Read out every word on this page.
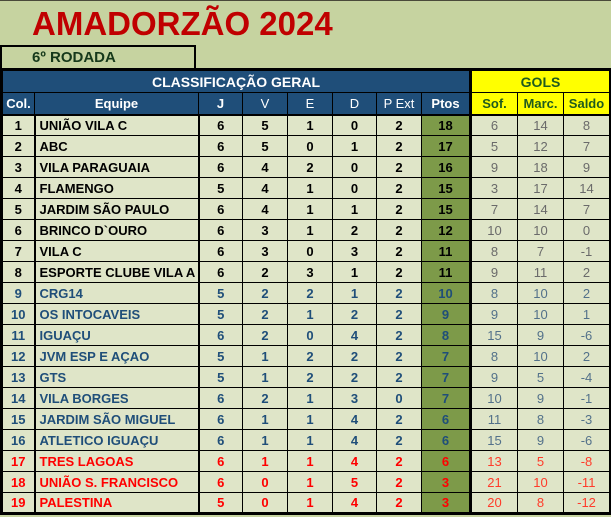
AMADORZÃO 2024
6º RODADA
CLASSIFICAÇÃO GERAL								GOLS		
Col.	Equipe	J	V	E	D	P Ext	Ptos	Sof.	Marc.	Saldo
1	UNIÃO VILA C	6	5	1	0	2	18	6	14	8
2	ABC	6	5	0	1	2	17	5	12	7
3	VILA PARAGUAIA	6	4	2	0	2	16	9	18	9
4	FLAMENGO	5	4	1	0	2	15	3	17	14
5	JARDIM SÃO PAULO	6	4	1	1	2	15	7	14	7
6	BRINCO D`OURO	6	3	1	2	2	12	10	10	0
7	VILA C	6	3	0	3	2	11	8	7	-1
8	ESPORTE CLUBE VILA A	6	2	3	1	2	11	9	11	2
9	CRG14	5	2	2	1	2	10	8	10	2
10	OS INTOCAVEIS	5	2	1	2	2	9	9	10	1
11	IGUAÇU	6	2	0	4	2	8	15	9	-6
12	JVM ESP E AÇAO	5	1	2	2	2	7	8	10	2
13	GTS	5	1	2	2	2	7	9	5	-4
14	VILA BORGES	6	2	1	3	0	7	10	9	-1
15	JARDIM SÃO MIGUEL	6	1	1	4	2	6	11	8	-3
16	ATLETICO IGUAÇU	6	1	1	4	2	6	15	9	-6
17	TRES LAGOAS	6	1	1	4	2	6	13	5	-8
18	UNIÃO S. FRANCISCO	6	0	1	5	2	3	21	10	-11
19	PALESTINA	5	0	1	4	2	3	20	8	-12
